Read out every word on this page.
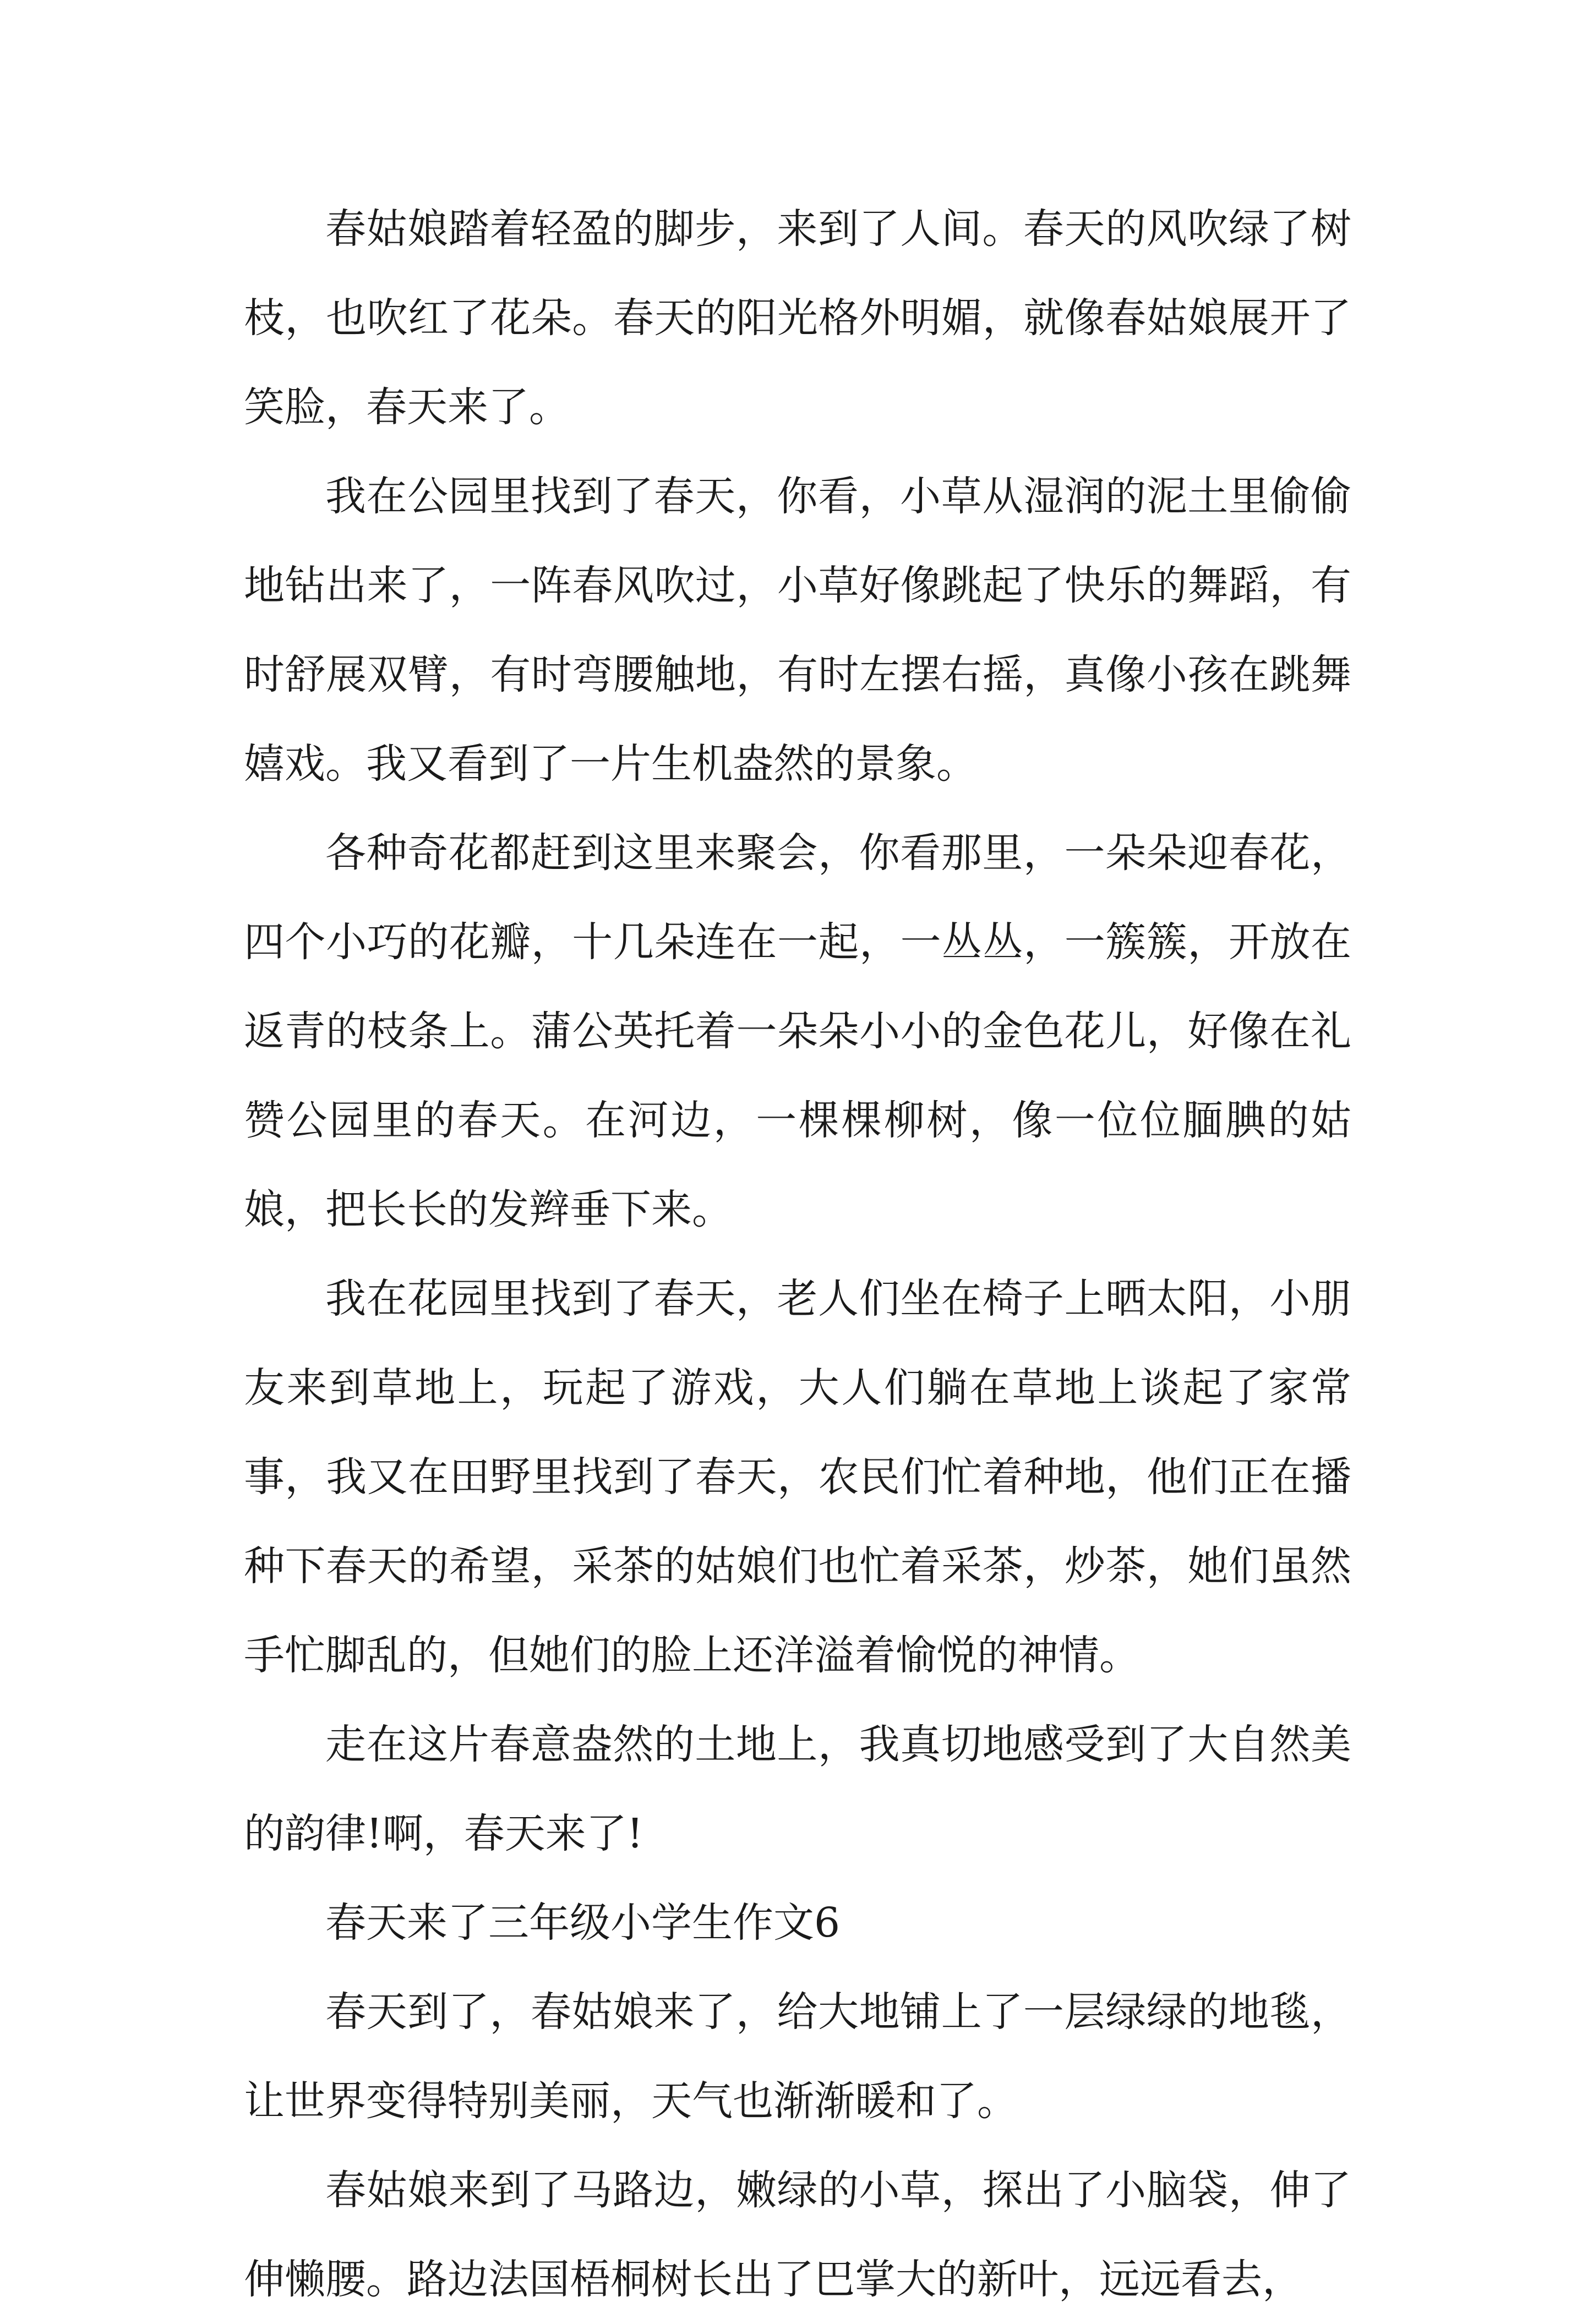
春姑娘踏着轻盈的脚步，来到了人间。春天的风吹绿了树枝，也吹红了花朵。春天的阳光格外明媚，就像春姑娘展开了笑脸，春天来了。

我在公园里找到了春天，你看，小草从湿润的泥土里偷偷地钻出来了，一阵春风吹过，小草好像跳起了快乐的舞蹈，有时舒展双臂，有时弯腰触地，有时左摆右摇，真像小孩在跳舞嬉戏。我又看到了一片生机盎然的景象。

各种奇花都赶到这里来聚会，你看那里，一朵朵迎春花，四个小巧的花瓣，十几朵连在一起，一丛丛，一簇簇，开放在返青的枝条上。蒲公英托着一朵朵小小的金色花儿，好像在礼赞公园里的春天。在河边，一棵棵柳树，像一位位腼腆的姑娘，把长长的发辫垂下来。

我在花园里找到了春天，老人们坐在椅子上晒太阳，小朋友来到草地上，玩起了游戏，大人们躺在草地上谈起了家常事，我又在田野里找到了春天，农民们忙着种地，他们正在播种下春天的希望，采茶的姑娘们也忙着采茶，炒茶，她们虽然手忙脚乱的，但她们的脸上还洋溢着愉悦的神情。

走在这片春意盎然的土地上，我真切地感受到了大自然美的韵律!啊，春天来了!

春天来了三年级小学生作文6

春天到了，春姑娘来了，给大地铺上了一层绿绿的地毯，让世界变得特别美丽，天气也渐渐暖和了。

春姑娘来到了马路边，嫩绿的小草，探出了小脑袋，伸了伸懒腰。路边法国梧桐树长出了巴掌大的新叶，远远看去，
